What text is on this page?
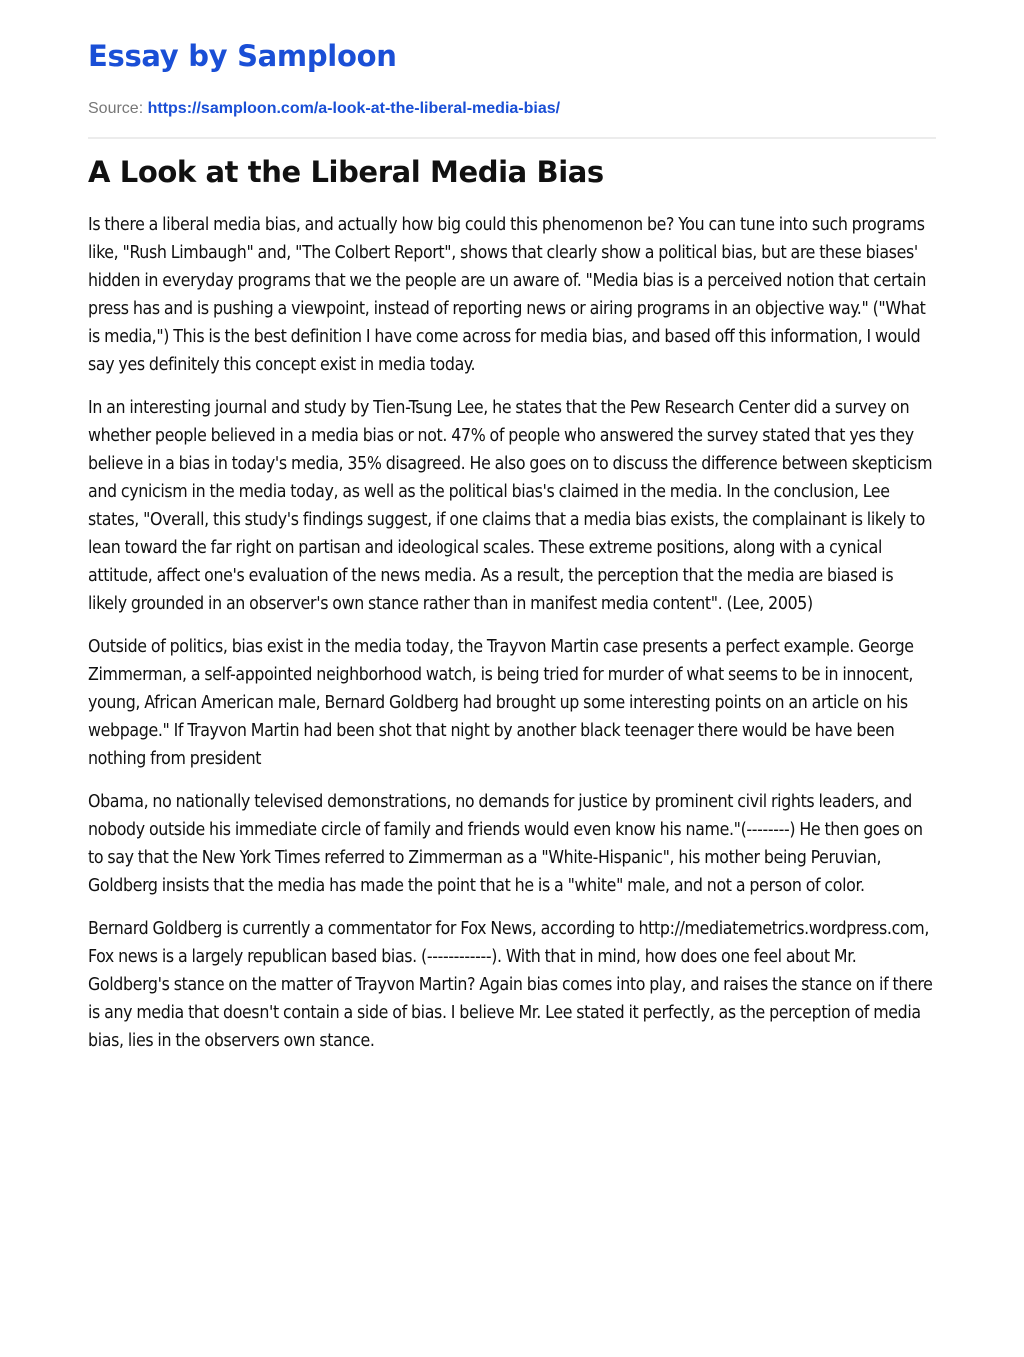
Essay by Samploon
Source: https://samploon.com/a-look-at-the-liberal-media-bias/
A Look at the Liberal Media Bias

Is there a liberal media bias, and actually how big could this phenomenon be? You can tune into such programs like, "Rush Limbaugh" and, "The Colbert Report", shows that clearly show a political bias, but are these biases' hidden in everyday programs that we the people are un aware of. "Media bias is a perceived notion that certain press has and is pushing a viewpoint, instead of reporting news or airing programs in an objective way." ("What is media,") This is the best definition I have come across for media bias, and based off this information, I would say yes definitely this concept exist in media today.

In an interesting journal and study by Tien-Tsung Lee, he states that the Pew Research Center did a survey on whether people believed in a media bias or not. 47% of people who answered the survey stated that yes they believe in a bias in today's media, 35% disagreed. He also goes on to discuss the difference between skepticism and cynicism in the media today, as well as the political bias's claimed in the media. In the conclusion, Lee states, "Overall, this study's findings suggest, if one claims that a media bias exists, the complainant is likely to lean toward the far right on partisan and ideological scales. These extreme positions, along with a cynical attitude, affect one's evaluation of the news media. As a result, the perception that the media are biased is likely grounded in an observer's own stance rather than in manifest media content". (Lee, 2005)

Outside of politics, bias exist in the media today, the Trayvon Martin case presents a perfect example. George Zimmerman, a self-appointed neighborhood watch, is being tried for murder of what seems to be in innocent, young, African American male, Bernard Goldberg had brought up some interesting points on an article on his webpage." If Trayvon Martin had been shot that night by another black teenager there would be have been nothing from president

Obama, no nationally televised demonstrations, no demands for justice by prominent civil rights leaders, and nobody outside his immediate circle of family and friends would even know his name."(--------) He then goes on to say that the New York Times referred to Zimmerman as a "White-Hispanic", his mother being Peruvian, Goldberg insists that the media has made the point that he is a "white" male, and not a person of color.

Bernard Goldberg is currently a commentator for Fox News, according to http://mediatemetrics.wordpress.com, Fox news is a largely republican based bias. (------------). With that in mind, how does one feel about Mr. Goldberg's stance on the matter of Trayvon Martin? Again bias comes into play, and raises the stance on if there is any media that doesn't contain a side of bias. I believe Mr. Lee stated it perfectly, as the perception of media bias, lies in the observers own stance.
